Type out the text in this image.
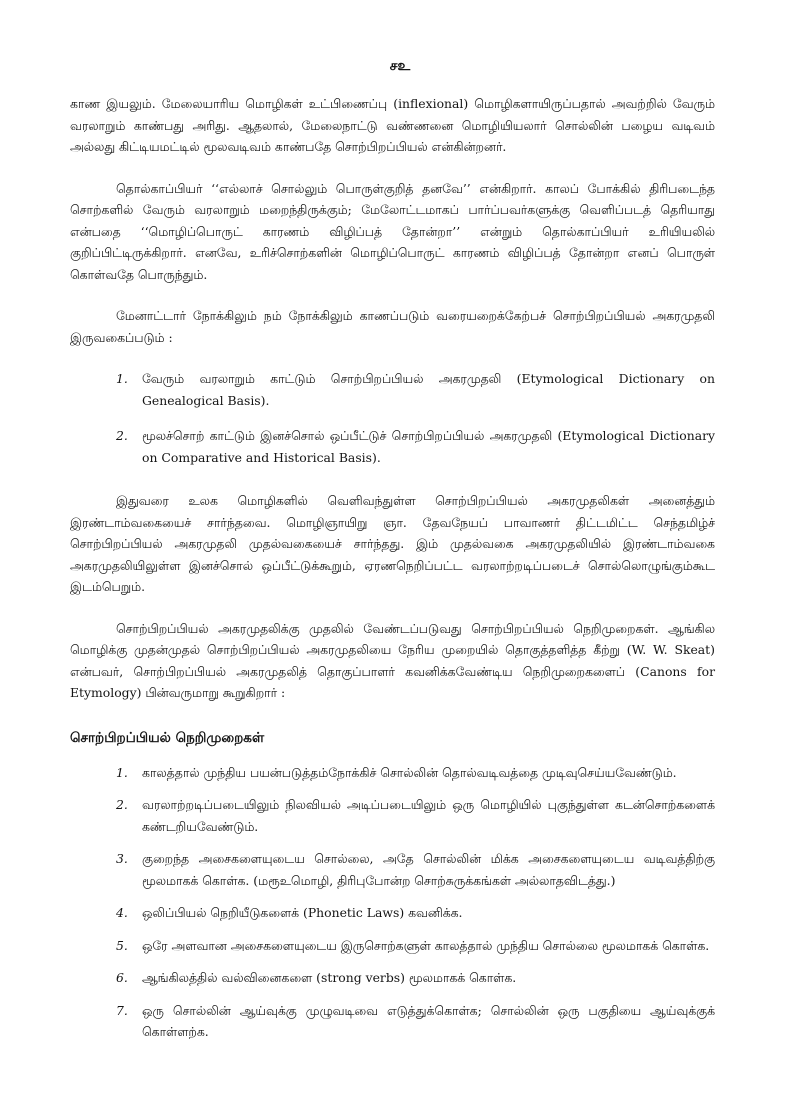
சஉ

காண இயலும். மேலையாரிய மொழிகள் உட்பிணைப்பு (inflexional) மொழிகளாயிருப்பதால் அவற்றில் வேரும் வரலாறும் காண்பது அரிது. ஆதலால், மேலைநாட்டு வண்ணனை மொழியியலார் சொல்லின் பழைய வடிவம் அல்லது கிட்டியமட்டில் மூலவடிவம் காண்பதே சொற்பிறப்பியல் என்கின்றனர்.

தொல்காப்பியர் ‘‘எல்லாச் சொல்லும் பொருள்குறித் தனவே’’ என்கிறார். காலப் போக்கில் திரிபடைந்த சொற்களில் வேரும் வரலாறும் மறைந்திருக்கும்; மேலோட்டமாகப் பார்ப்பவர்களுக்கு வெளிப்படத் தெரியாது என்பதை ‘‘மொழிப்பொருட் காரணம் விழிப்பத் தோன்றா’’ என்றும் தொல்காப்பியர் உரியியலில் குறிப்பிட்டிருக்கிறார். எனவே, உரிச்சொற்களின் மொழிப்பொருட் காரணம் விழிப்பத் தோன்றா எனப் பொருள் கொள்வதே பொருந்தும்.

மேனாட்டார் நோக்கிலும் நம் நோக்கிலும் காணப்படும் வரையறைக்கேற்பச் சொற்பிறப்பியல் அகரமுதலி இருவகைப்படும் :

1. வேரும் வரலாறும் காட்டும் சொற்பிறப்பியல் அகரமுதலி (Etymological Dictionary on Genealogical Basis).
2. மூலச்சொற் காட்டும் இனச்சொல் ஒப்பீட்டுச் சொற்பிறப்பியல் அகரமுதலி (Etymological Dictionary on Comparative and Historical Basis).

இதுவரை உலக மொழிகளில் வெளிவந்துள்ள சொற்பிறப்பியல் அகரமுதலிகள் அனைத்தும் இரண்டாம்வகையைச் சார்ந்தவை. மொழிஞாயிறு ஞா. தேவநேயப் பாவாணர் திட்டமிட்ட செந்தமிழ்ச் சொற்பிறப்பியல் அகரமுதலி முதல்வகையைச் சார்ந்தது. இம் முதல்வகை அகரமுதலியில் இரண்டாம்வகை அகரமுதலியிலுள்ள இனச்சொல் ஒப்பீட்டுக்கூறும், ஏரணநெறிப்பட்ட வரலாற்றடிப்படைச் சொல்லொழுங்கும்கூட இடம்பெறும்.

சொற்பிறப்பியல் அகரமுதலிக்கு முதலில் வேண்டப்படுவது சொற்பிறப்பியல் நெறிமுறைகள். ஆங்கில மொழிக்கு முதன்முதல் சொற்பிறப்பியல் அகரமுதலியை நேரிய முறையில் தொகுத்தளித்த கீற்று (W. W. Skeat) என்பவர், சொற்பிறப்பியல் அகரமுதலித் தொகுப்பாளர் கவனிக்கவேண்டிய நெறிமுறைகளைப் (Canons for Etymology) பின்வருமாறு கூறுகிறார் :

சொற்பிறப்பியல் நெறிமுறைகள்
1. காலத்தால் முந்திய பயன்படுத்தம்நோக்கிச் சொல்லின் தொல்வடிவத்தை முடிவுசெய்யவேண்டும்.
2. வரலாற்றடிப்படையிலும் நிலவியல் அடிப்படையிலும் ஒரு மொழியில் புகுந்துள்ள கடன்சொற்களைக் கண்டறியவேண்டும்.
3. குறைந்த அசைகளையுடைய சொல்லை, அதே சொல்லின் மிக்க அசைகளையுடைய வடிவத்திற்கு மூலமாகக் கொள்க. (மரூஉமொழி, திரிபுபோன்ற சொற்சுருக்கங்கள் அல்லாதவிடத்து.)
4. ஒலிப்பியல் நெறியீடுகளைக் (Phonetic Laws) கவனிக்க.
5. ஒரே அளவான அசைகளையுடைய இருசொற்களுள் காலத்தால் முந்திய சொல்லை மூலமாகக் கொள்க.
6. ஆங்கிலத்தில் வல்வினைகளை (strong verbs) மூலமாகக் கொள்க.
7. ஒரு சொல்லின் ஆய்வுக்கு முழுவடிவை எடுத்துக்கொள்க; சொல்லின் ஒரு பகுதியை ஆய்வுக்குக் கொள்ளற்க.
